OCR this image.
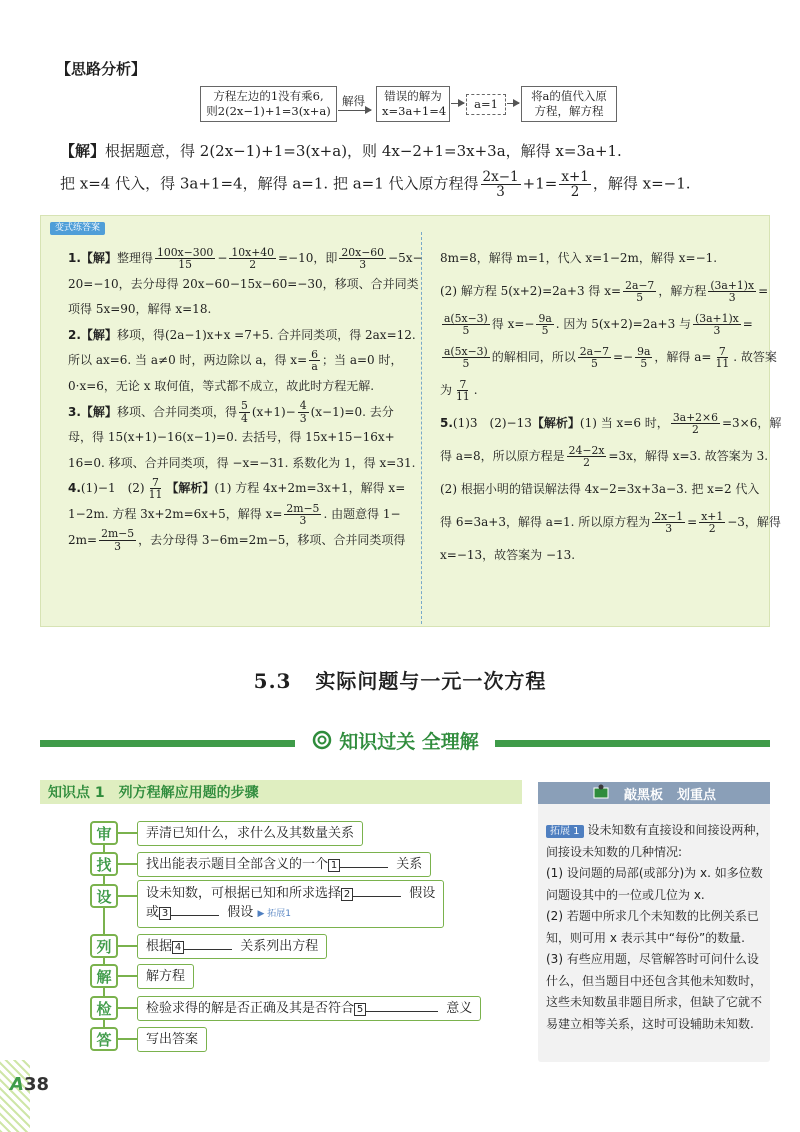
【思路分析】
方程左边的1没有乘6,
则2(2x−1)+1=3(x+a)
解得 错误的解为
x=3a+1=4	a=1
将a的值代入原
方程，解方程
【解】根据题意，得 2(2x−1)+1=3(x+a)，则 4x−2+1=3x+3a，解得 x=3a+1.
把 x=4 代入，得 3a+1=4，解得 a=1. 把 a=1 代入原方程得 $\frac{2x-1}{3} +1= \frac{x+1}{2}$ ，解得 x=−1.
变式练答案
1.【解】整理得 $\frac{100x-300}{15} - \frac{10x+40}{2} =-10$，即 $\frac{20x-60}{3} -5x-$
20=−10，去分母得 20x−60−15x−60=−30，移项、合并同类
项得 5x=90，解得 x=18.
2.【解】移项，得(2a−1)x+x =7+5. 合并同类项，得 2ax=12.
所以 ax=6. 当 a≠0 时，两边除以 a，得 $x= \frac{6}{a}$ ；当 a=0 时，
0·x=6，无论 x 取何值，等式都不成立，故此时方程无解.
3.【解】移项、合并同类项，得 $\frac{5}{4} (x+1)- \frac{4}{3} (x-1)=0$. 去分
母，得 15(x+1)−16(x−1)=0. 去括号，得 15x+15−16x+
16=0. 移项、合并同类项，得 −x=−31. 系数化为 1，得 x=31.
4.(1)−1　$(2) \frac{7}{11}$ 【解析】(1) 方程 4x+2m=3x+1，解得 x=
1−2m. 方程 3x+2m=6x+5，解得 $x= \frac{2m-5}{3}$ . 由题意得 1−
$2m= \frac{2m-5}{3}$ ，去分母得 3−6m=2m−5，移项、合并同类项得
8m=8，解得 m=1，代入 x=1−2m，解得 x=−1.
(2) 解方程 5(x+2)=2a+3 得 $x= \frac{2a-7}{5}$ ，解方程 $\frac{(3a+1)x}{3}$ =
$\frac{a(5x-3)}{5}$ 得 $x=- \frac{9a}{5}$ . 因为 5(x+2)=2a+3 与 $\frac{(3a+1)x}{3}$ =
$\frac{a(5x-3)}{5}$ 的解相同，所以 $\frac{2a-7}{5} =- \frac{9a}{5}$ ，解得 $a= \frac{7}{11}$ . 故答案
为 $\frac{7}{11}$ .
5.(1)3　(2)−13【解析】(1) 当 x=6 时， $\frac{3a+2\times 6}{2} =3\times 6$，解
得 a=8，所以原方程是 $\frac{24-2x}{2} =3x$，解得 x=3. 故答案为 3.
(2) 根据小明的错误解法得 4x−2=3x+3a−3. 把 x=2 代入
得 6=3a+3，解得 a=1. 所以原方程为 $\frac{2x-1}{3} = \frac{x+1}{2} -3$，解得
x=−13，故答案为 −13.
5.3 实际问题与一元一次方程
知识过关 全理解
知识点 1 列方程解应用题的步骤
审	弄清已知什么，求什么及其数量关系
找	找出能表示题目全部含义的一个 1	关系
设	设未知数，可根据已知和所求选择 2	假设
或 3	假设 ▶ 拓展1
列	根据 4	关系列出方程
解	解方程
检	检验求得的解是否正确及其是否符合 5	意义
答	写出答案
敲黑板 划重点
拓展 1 设未知数有直接设和间接设两种，间接设未知数的几种情况:
(1) 设问题的局部(或部分)为 x. 如多位数问题设其中的一位或几位为 x.
(2) 若题中所求几个未知数的比例关系已知，则可用 x 表示其中“每份”的数量.
(3) 有些应用题，尽管解答时可问什么设什么，但当题目中还包含其他未知数时，这些未知数虽非题目所求，但缺了它就不易建立相等关系，这时可设辅助未知数.
A38
